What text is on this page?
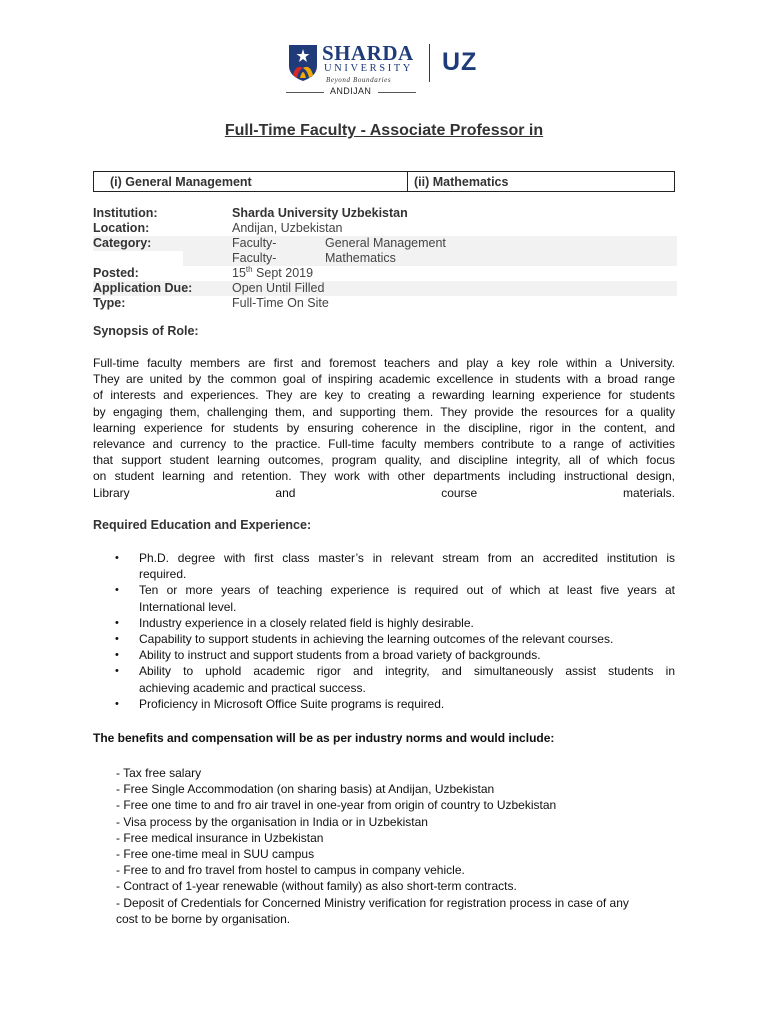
SHARDA
UNIVERSITY
Beyond Boundaries
ANDIJAN
UZ
Full-Time Faculty - Associate Professor in
(i) General Management	(ii) Mathematics
Institution:	Sharda University Uzbekistan
Location:	Andijan, Uzbekistan
Category:	Faculty-	General Management
Faculty-	Mathematics
Posted:	15th Sept 2019
Application Due:	Open Until Filled
Type:	Full-Time On Site
Synopsis of Role:
Full-time faculty members are first and foremost teachers and play a key role within a University.
They are united by the common goal of inspiring academic excellence in students with a broad range
of interests and experiences. They are key to creating a rewarding learning experience for students
by engaging them, challenging them, and supporting them. They provide the resources for a quality
learning experience for students by ensuring coherence in the discipline, rigor in the content, and
relevance and currency to the practice. Full-time faculty members contribute to a range of activities
that support student learning outcomes, program quality, and discipline integrity, all of which focus
on student learning and retention. They work with other departments including instructional design,
Library	and	course	materials.
Required Education and Experience:
• Ph.D. degree with first class master’s in relevant stream from an accredited institution is
required.
• Ten or more years of teaching experience is required out of which at least five years at
International level.
• Industry experience in a closely related field is highly desirable.
• Capability to support students in achieving the learning outcomes of the relevant courses.
• Ability to instruct and support students from a broad variety of backgrounds.
• Ability to uphold academic rigor and integrity, and simultaneously assist students in
achieving academic and practical success.
• Proficiency in Microsoft Office Suite programs is required.
The benefits and compensation will be as per industry norms and would include:
- Tax free salary
- Free Single Accommodation (on sharing basis) at Andijan, Uzbekistan
- Free one time to and fro air travel in one-year from origin of country to Uzbekistan
- Visa process by the organisation in India or in Uzbekistan
- Free medical insurance in Uzbekistan
- Free one-time meal in SUU campus
- Free to and fro travel from hostel to campus in company vehicle.
- Contract of 1-year renewable (without family) as also short-term contracts.
- Deposit of Credentials for Concerned Ministry verification for registration process in case of any
cost to be borne by organisation.
